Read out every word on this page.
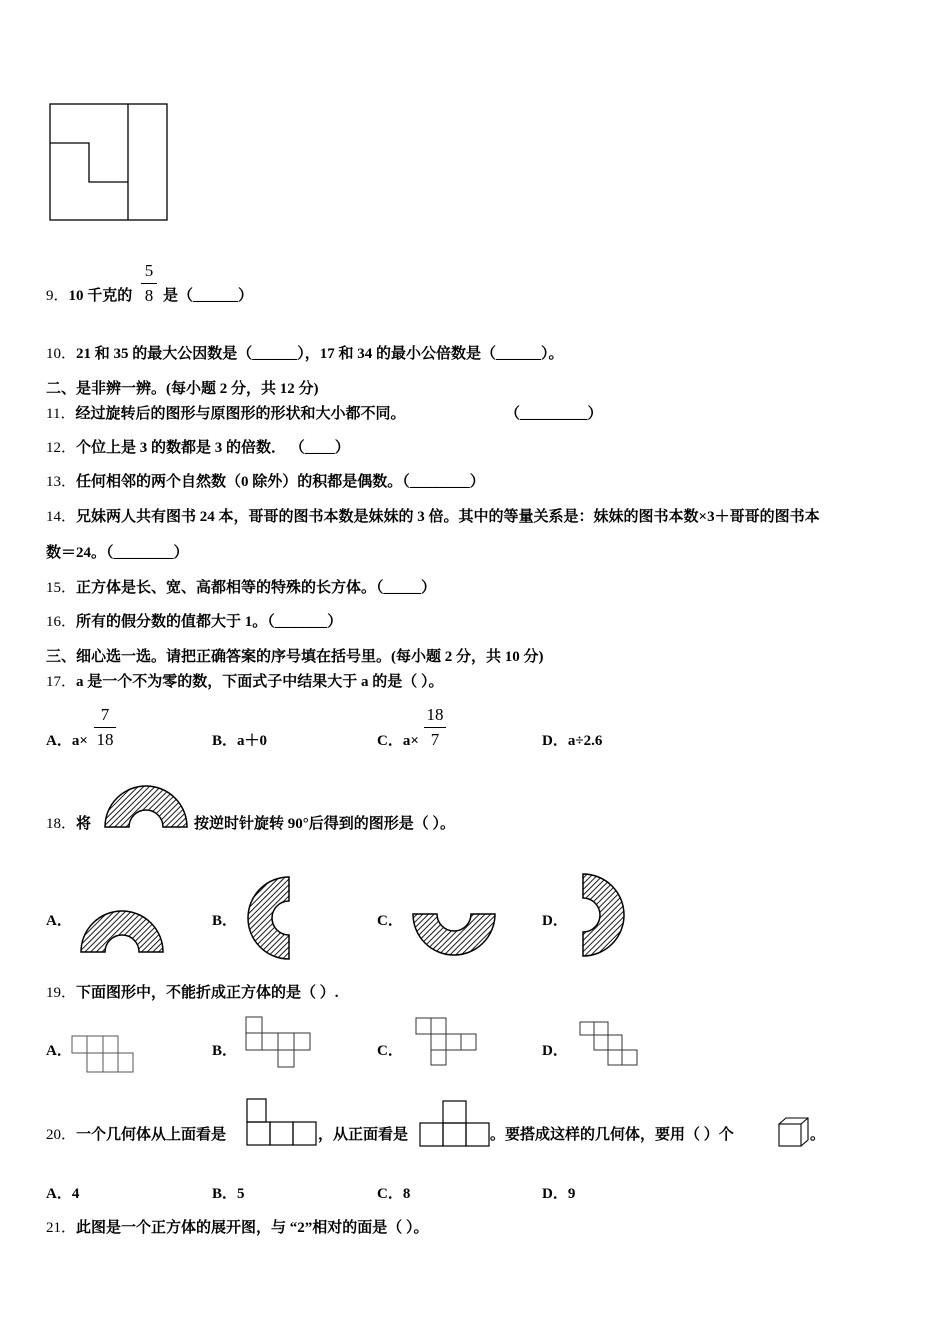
9．10 千克的
5
8 是（______）
10．21 和 35 的最大公因数是（______），17 和 34 的最小公倍数是（______）。
二、是非辨一辨。(每小题 2 分，共 12 分)
11．经过旋转后的图形与原图形的形状和大小都不同。	（_________）
12．个位上是 3 的数都是 3 的倍数． （____）
13．任何相邻的两个自然数（0 除外）的积都是偶数。（________）
14．兄妹两人共有图书 24 本，哥哥的图书本数是妹妹的 3 倍。其中的等量关系是：妹妹的图书本数×3＋哥哥的图书本
数＝24。（________）
15．正方体是长、宽、高都相等的特殊的长方体。（_____）
16．所有的假分数的值都大于 1。（_______）
三、细心选一选。请把正确答案的序号填在括号里。(每小题 2 分，共 10 分)
17．a 是一个不为零的数，下面式子中结果大于 a 的是（ ）。
A．a×
7
18	B．a＋0	C．a×
18
7	D．a÷2.6
18．将	按逆时针旋转 90°后得到的图形是（ ）。
A．	B．	C．	D．
19．下面图形中，不能折成正方体的是（ ）.
A．	B．	C．	D．
20．一个几何体从上面看是	，从正面看是	。要搭成这样的几何体，要用（ ）个	。
A．4	B．5	C．8	D．9
21．此图是一个正方体的展开图，与 “2”相对的面是（ ）。
